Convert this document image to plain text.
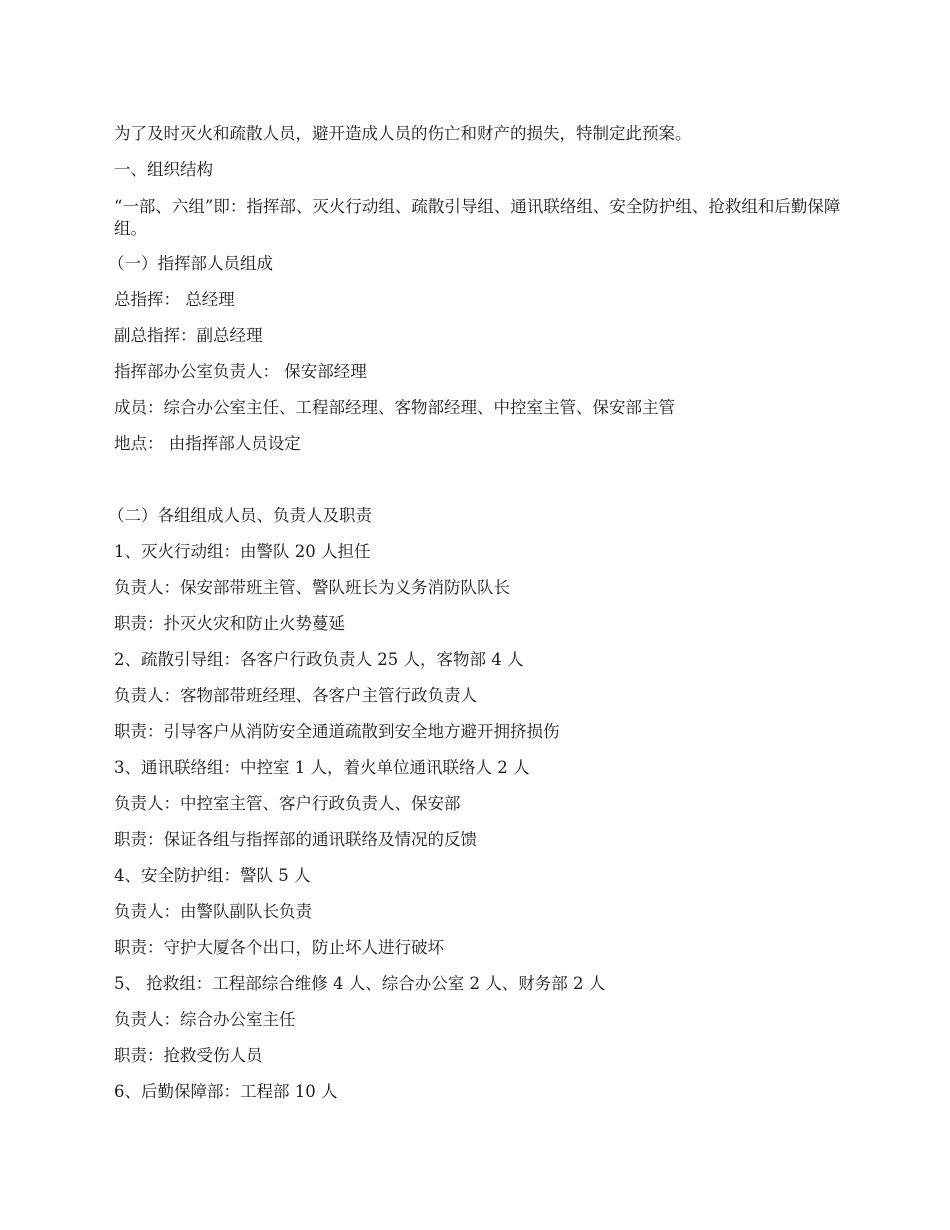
为了及时灭火和疏散人员，避开造成人员的伤亡和财产的损失，特制定此预案。

一、组织结构

“一部、六组”即：指挥部、灭火行动组、疏散引导组、通讯联络组、安全防护组、抢救组和后勤保障组。

（一）指挥部人员组成

总指挥： 总经理

副总指挥：副总经理

指挥部办公室负责人： 保安部经理

成员：综合办公室主任、工程部经理、客物部经理、中控室主管、保安部主管

地点： 由指挥部人员设定

（二）各组组成人员、负责人及职责

1、灭火行动组：由警队 20 人担任

负责人：保安部带班主管、警队班长为义务消防队队长

职责：扑灭火灾和防止火势蔓延

2、疏散引导组：各客户行政负责人 25 人，客物部 4 人

负责人：客物部带班经理、各客户主管行政负责人

职责：引导客户从消防安全通道疏散到安全地方避开拥挤损伤

3、通讯联络组：中控室 1 人，着火单位通讯联络人 2 人

负责人：中控室主管、客户行政负责人、保安部

职责：保证各组与指挥部的通讯联络及情况的反馈

4、安全防护组：警队 5 人

负责人：由警队副队长负责

职责：守护大厦各个出口，防止坏人进行破坏

5、 抢救组：工程部综合维修 4 人、综合办公室 2 人、财务部 2 人

负责人：综合办公室主任

职责：抢救受伤人员

6、后勤保障部：工程部 10 人
